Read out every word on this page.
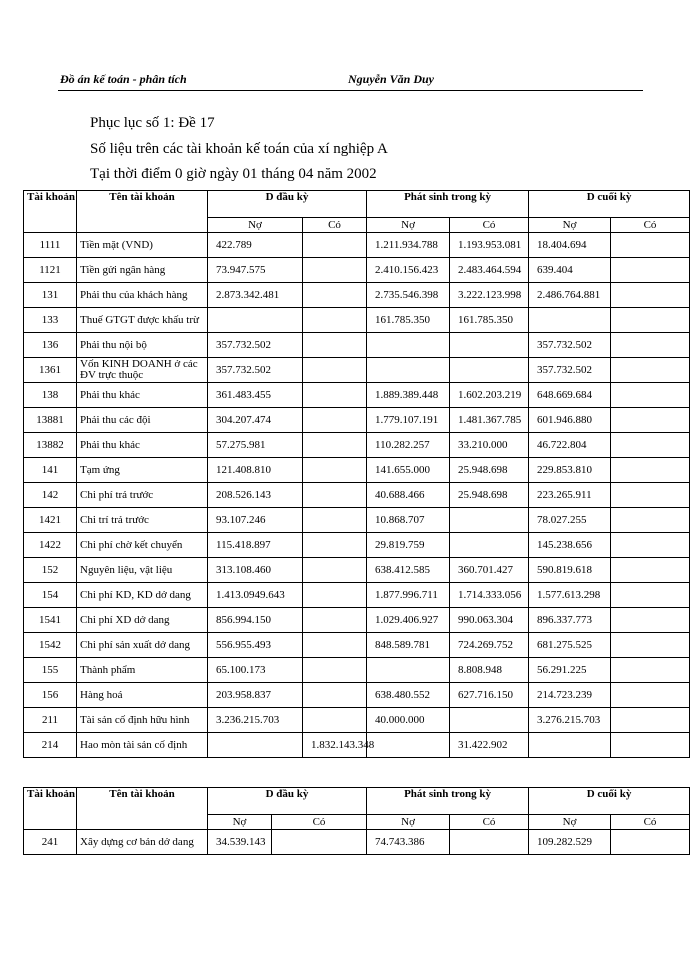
Đồ án kế toán - phân tích	Nguyễn Văn Duy
Phục lục số 1: Đề 17
Số liệu trên các tài khoản kế toán của xí nghiệp A
Tại thời điểm 0 giờ ngày 01 tháng 04 năm 2002
Tài khoản	Tên tài khoản	D đầu kỳ		Phát sinh trong kỳ		D cuối kỳ	
		Nợ	Có	Nợ	Có	Nợ	Có
1111	Tiền mặt (VND)	422.789		1.211.934.788	1.193.953.081	18.404.694	
1121	Tiền gửi ngân hàng	73.947.575		2.410.156.423	2.483.464.594	639.404	
131	Phải thu của khách hàng	2.873.342.481		2.735.546.398	3.222.123.998	2.486.764.881	
133	Thuế GTGT được khấu trừ			161.785.350	161.785.350		
136	Phải thu nội bộ	357.732.502				357.732.502	
1361	Vốn KINH DOANH ở các ĐV trực thuộc	357.732.502				357.732.502	
138	Phải thu khác	361.483.455		1.889.389.448	1.602.203.219	648.669.684	
13881	Phải thu các đội	304.207.474		1.779.107.191	1.481.367.785	601.946.880	
13882	Phải thu khác	57.275.981		110.282.257	33.210.000	46.722.804	
141	Tạm ứng	121.408.810		141.655.000	25.948.698	229.853.810	
142	Chi phí trả trước	208.526.143		40.688.466	25.948.698	223.265.911	
1421	Chi trí trả trước	93.107.246		10.868.707		78.027.255	
1422	Chi phí chờ kết chuyển	115.418.897		29.819.759		145.238.656	
152	Nguyên liệu, vật liệu	313.108.460		638.412.585	360.701.427	590.819.618	
154	Chi phí KD, KD dở dang	1.413.0949.643		1.877.996.711	1.714.333.056	1.577.613.298	
1541	Chi phí XD dở dang	856.994.150		1.029.406.927	990.063.304	896.337.773	
1542	Chi phí sản xuất dở dang	556.955.493		848.589.781	724.269.752	681.275.525	
155	Thành phẩm	65.100.173			8.808.948	56.291.225	
156	Hàng hoá	203.958.837		638.480.552	627.716.150	214.723.239	
211	Tài sản cố định hữu hình	3.236.215.703		40.000.000		3.276.215.703	
214	Hao mòn tài sản cố định		1.832.143.348		31.422.902		
Tài khoản	Tên tài khoản	D đầu kỳ		Phát sinh trong kỳ		D cuối kỳ	
		Nợ	Có	Nợ	Có	Nợ	Có
241	Xây dựng cơ bản dở dang	34.539.143		74.743.386		109.282.529	
